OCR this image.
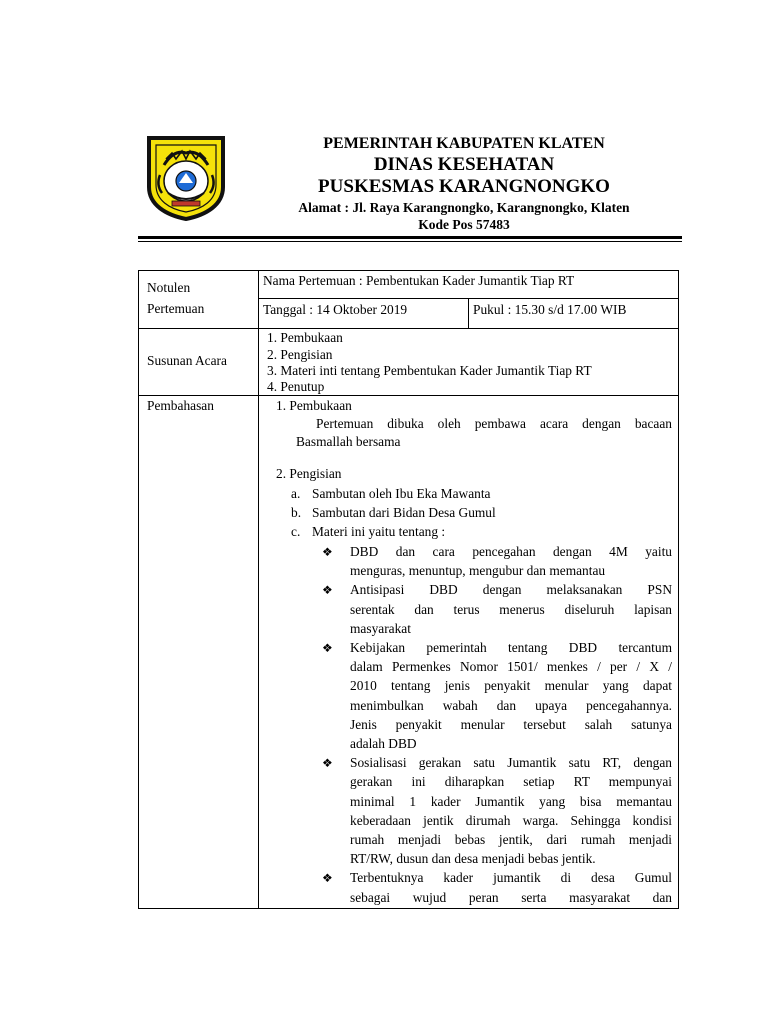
PEMERINTAH KABUPATEN KLATEN
DINAS KESEHATAN
PUSKESMAS KARANGNONGKO
Alamat : Jl. Raya Karangnongko, Karangnongko, Klaten
Kode Pos 57483
Notulen
Pertemuan
Nama Pertemuan : Pembentukan Kader Jumantik Tiap RT
Tanggal : 14 Oktober 2019	Pukul : 15.30 s/d 17.00 WIB
Susunan Acara
1. Pembukaan
2. Pengisian
3. Materi inti tentang Pembentukan Kader Jumantik Tiap RT
4. Penutup
Pembahasan	1. Pembukaan
Pertemuan dibuka oleh pembawa acara dengan bacaan
Basmallah bersama
2. Pengisian
a. Sambutan oleh Ibu Eka Mawanta
b. Sambutan dari Bidan Desa Gumul
c. Materi ini yaitu tentang :
❖ DBD dan cara pencegahan dengan 4M yaitu
menguras, menuntup, mengubur dan memantau
❖ Antisipasi DBD dengan melaksanakan PSN
serentak dan terus menerus diseluruh lapisan
masyarakat
❖ Kebijakan pemerintah tentang DBD tercantum
dalam Permenkes Nomor 1501/ menkes / per / X /
2010 tentang jenis penyakit menular yang dapat
menimbulkan wabah dan upaya pencegahannya.
Jenis penyakit menular tersebut salah satunya
adalah DBD
❖ Sosialisasi gerakan satu Jumantik satu RT, dengan
gerakan ini diharapkan setiap RT mempunyai
minimal 1 kader Jumantik yang bisa memantau
keberadaan jentik dirumah warga. Sehingga kondisi
rumah menjadi bebas jentik, dari rumah menjadi
RT/RW, dusun dan desa menjadi bebas jentik.
❖ Terbentuknya kader jumantik di desa Gumul
sebagai wujud peran serta masyarakat dan
